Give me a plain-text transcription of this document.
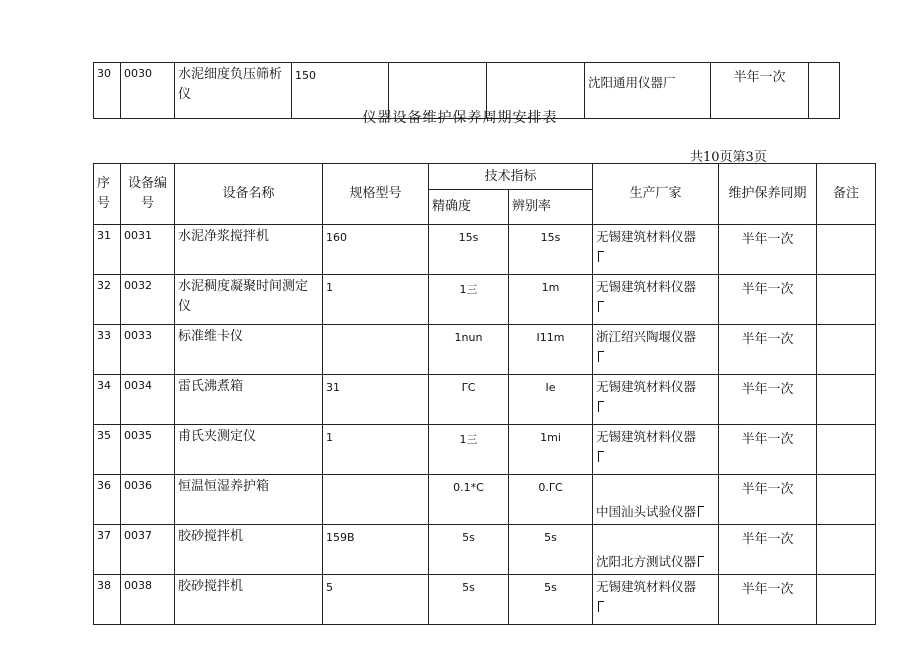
30	0030	水泥细度负压筛析仪	150			沈阳通用仪器厂	半年一次	
仪器设备维护保养周期安排表
共10页第3页
序号	设备编号	设备名称	规格型号	技术指标		生产厂家	维护保养同期	备注
				精确度	辨别率			
31	0031	水泥净浆搅拌机	160	15s	15s	无锡建筑材料仪器	半年一次	
32	0032	水泥稠度凝聚时间测定仪	1	1三	1m	无锡建筑材料仪器	半年一次	
33	0033	标准维卡仪		1nun	I11m	浙江绍兴陶堰仪器	半年一次	
34	0034	雷氏沸煮箱	31	ΓC	Ie	无锡建筑材料仪器	半年一次	
35	0035	甫氏夹测定仪	1	1三	1mi	无锡建筑材料仪器	半年一次	
36	0036	恒温恒湿养护箱		0.1*C	0.ΓC	中国汕头试验仪器	半年一次	
37	0037	胶砂搅拌机	159B	5s	5s	沈阳北方测试仪器	半年一次	
38	0038	胶砂搅拌机	5	5s	5s	无锡建筑材料仪器	半年一次	
